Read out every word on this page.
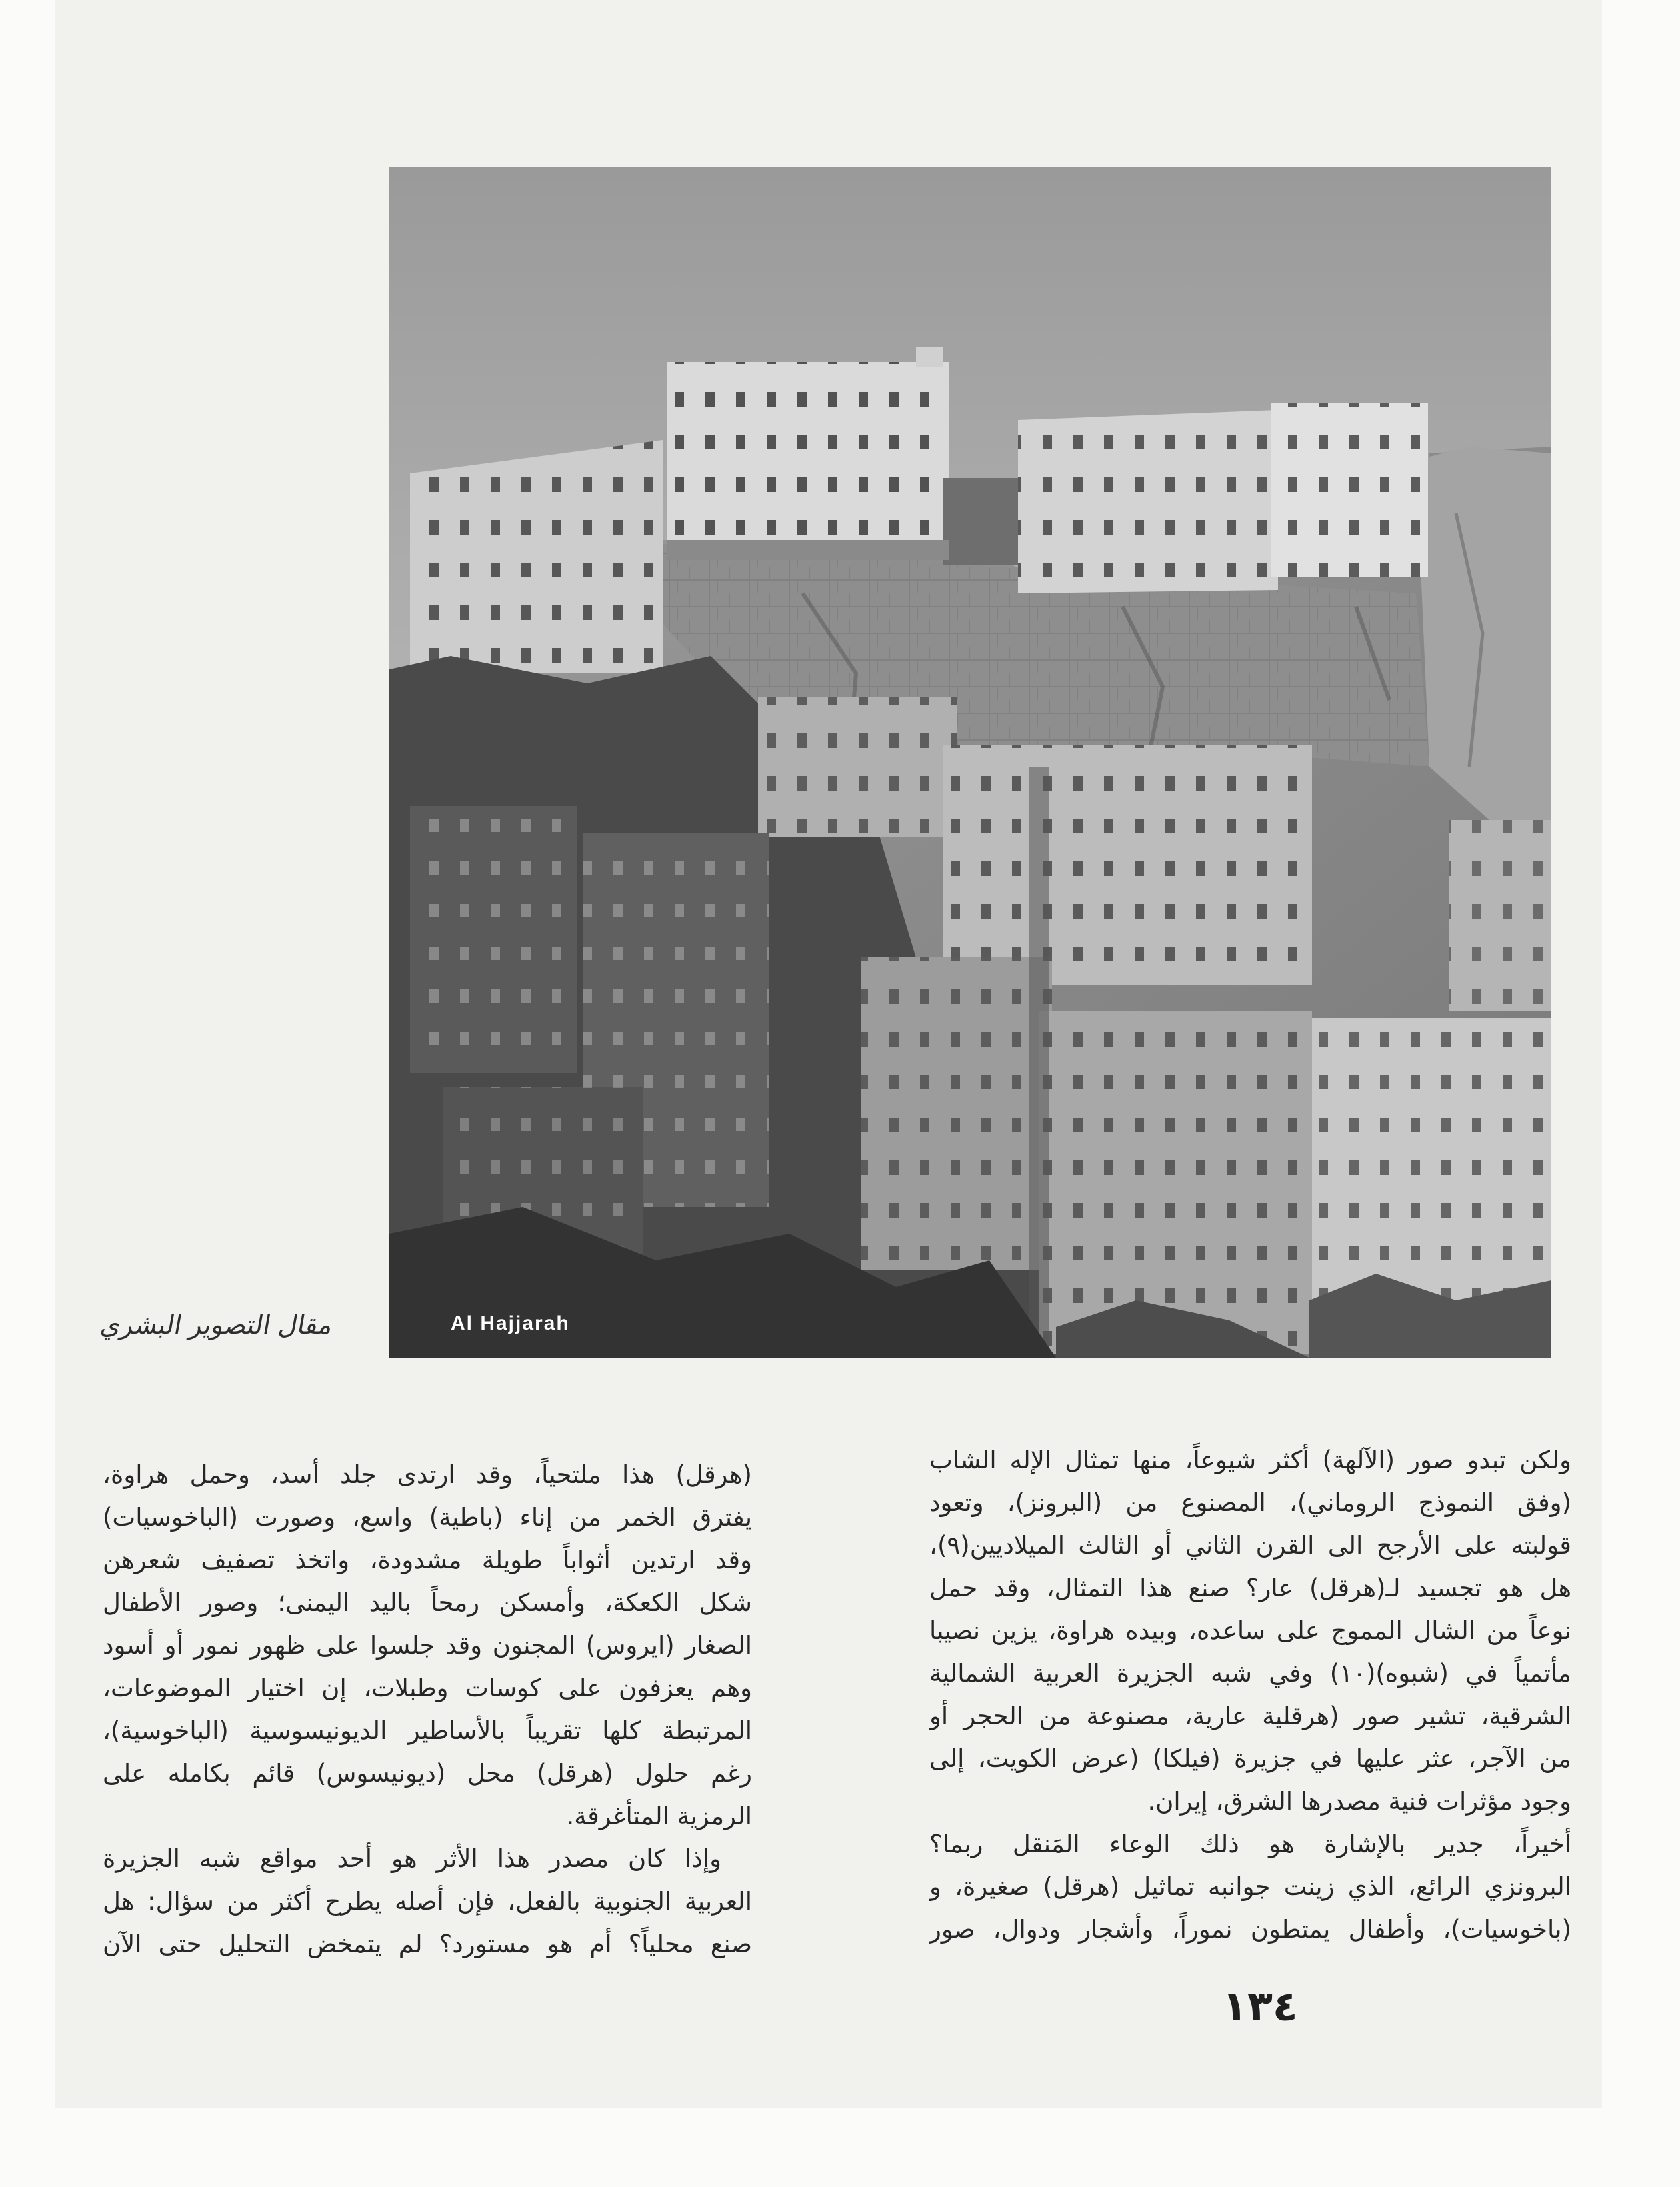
Al Hajjarah
مقال التصوير البشري
ولكن تبدو صور (الآلهة) أكثر شيوعاً، منها تمثال الإله الشاب
(وفق النموذج الروماني)، المصنوع من (البرونز)، وتعود
قولبته على الأرجح الى القرن الثاني أو الثالث الميلاديين(٩)،
هل هو تجسيد لـ(هرقل) عار؟ صنع هذا التمثال، وقد حمل
نوعاً من الشال المموج على ساعده، وبيده هراوة، يزين نصيبا
مأتمياً في (شبوه)(١٠) وفي شبه الجزيرة العربية الشمالية
الشرقية، تشير صور (هرقلية عارية، مصنوعة من الحجر أو
من الآجر، عثر عليها في جزيرة (فيلكا) (عرض الكويت، إلى
وجود مؤثرات فنية مصدرها الشرق، إيران.
أخيراً، جدير بالإشارة هو ذلك الوعاء المَنقل ربما؟
البرونزي الرائع، الذي زينت جوانبه تماثيل (هرقل) صغيرة، و
(باخوسيات)، وأطفال يمتطون نموراً، وأشجار ودوال، صور
(هرقل) هذا ملتحياً، وقد ارتدى جلد أسد، وحمل هراوة،
يفترق الخمر من إناء (باطية) واسع، وصورت (الباخوسيات)
وقد ارتدين أثواباً طويلة مشدودة، واتخذ تصفيف شعرهن
شكل الكعكة، وأمسكن رمحاً باليد اليمنى؛ وصور الأطفال
الصغار (ايروس) المجنون وقد جلسوا على ظهور نمور أو أسود
وهم يعزفون على كوسات وطبلات، إن اختيار الموضوعات،
المرتبطة كلها تقريباً بالأساطير الديونيسوسية (الباخوسية)،
رغم حلول (هرقل) محل (ديونيسوس) قائم بكامله على
الرمزية المتأغرقة.
وإذا كان مصدر هذا الأثر هو أحد مواقع شبه الجزيرة
العربية الجنوبية بالفعل، فإن أصله يطرح أكثر من سؤال: هل
صنع محلياً؟ أم هو مستورد؟ لم يتمخض التحليل حتى الآن
١٣٤
